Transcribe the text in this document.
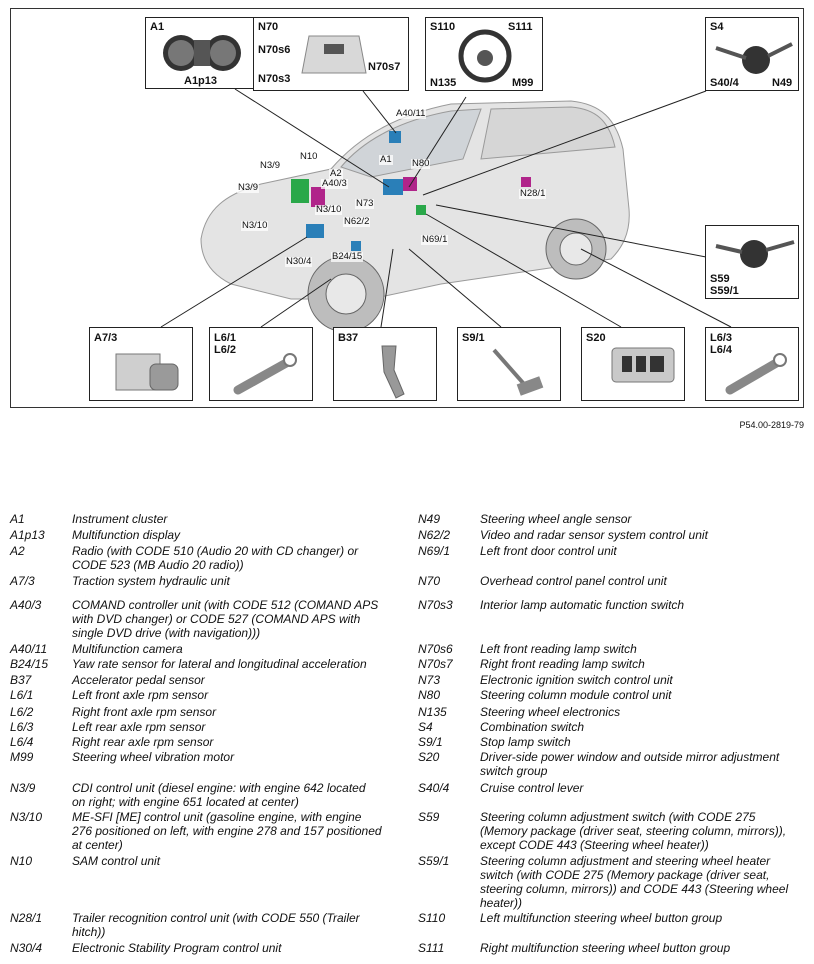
A1
A1p13
N70
N70s6
N70s3
N70s7
S110	S111
N135	M99
S4
S40/4	N49
S59
S59/1
A7/3	L6/1
L6/2
B37	S9/1	S20	L6/3
L6/4
A40/11
N3/9
N10
A2
A40/3
A1 N80
N3/9
N73
N3/10
N62/2
N28/1
N3/10
N69/1
N30/4 B24/15
P54.00-2819-79
A1	Instrument cluster
A1p13	Multifunction display
A2	Radio (with CODE 510 (Audio 20 with CD changer) or CODE 523 (MB Audio 20 radio))
A7/3	Traction system hydraulic unit
A40/3	COMAND controller unit (with CODE 512 (COMAND APS with DVD changer) or CODE 527 (COMAND APS with single DVD drive (with navigation)))
A40/11	Multifunction camera
B24/15	Yaw rate sensor for lateral and longitudinal acceleration
B37	Accelerator pedal sensor
L6/1	Left front axle rpm sensor
L6/2	Right front axle rpm sensor
L6/3	Left rear axle rpm sensor
L6/4	Right rear axle rpm sensor
M99	Steering wheel vibration motor
N3/9	CDI control unit (diesel engine: with engine 642 located on right; with engine 651 located at center)
N3/10	ME-SFI [ME] control unit (gasoline engine, with engine 276 positioned on left, with engine 278 and 157 positioned at center)
N10	SAM control unit
N28/1	Trailer recognition control unit (with CODE 550 (Trailer hitch))
N30/4	Electronic Stability Program control unit
N49	Steering wheel angle sensor
N62/2	Video and radar sensor system control unit
N69/1	Left front door control unit
N70	Overhead control panel control unit
N70s3	Interior lamp automatic function switch
N70s6	Left front reading lamp switch
N70s7	Right front reading lamp switch
N73	Electronic ignition switch control unit
N80	Steering column module control unit
N135	Steering wheel electronics
S4	Combination switch
S9/1	Stop lamp switch
S20	Driver-side power window and outside mirror adjustment switch group
S40/4	Cruise control lever
S59	Steering column adjustment switch (with CODE 275 (Memory package (driver seat, steering column, mirrors)), except CODE 443 (Steering wheel heater))
S59/1	Steering column adjustment and steering wheel heater switch (with CODE 275 (Memory package (driver seat, steering column, mirrors)) and CODE 443 (Steering wheel heater))
S110	Left multifunction steering wheel button group
S111	Right multifunction steering wheel button group
